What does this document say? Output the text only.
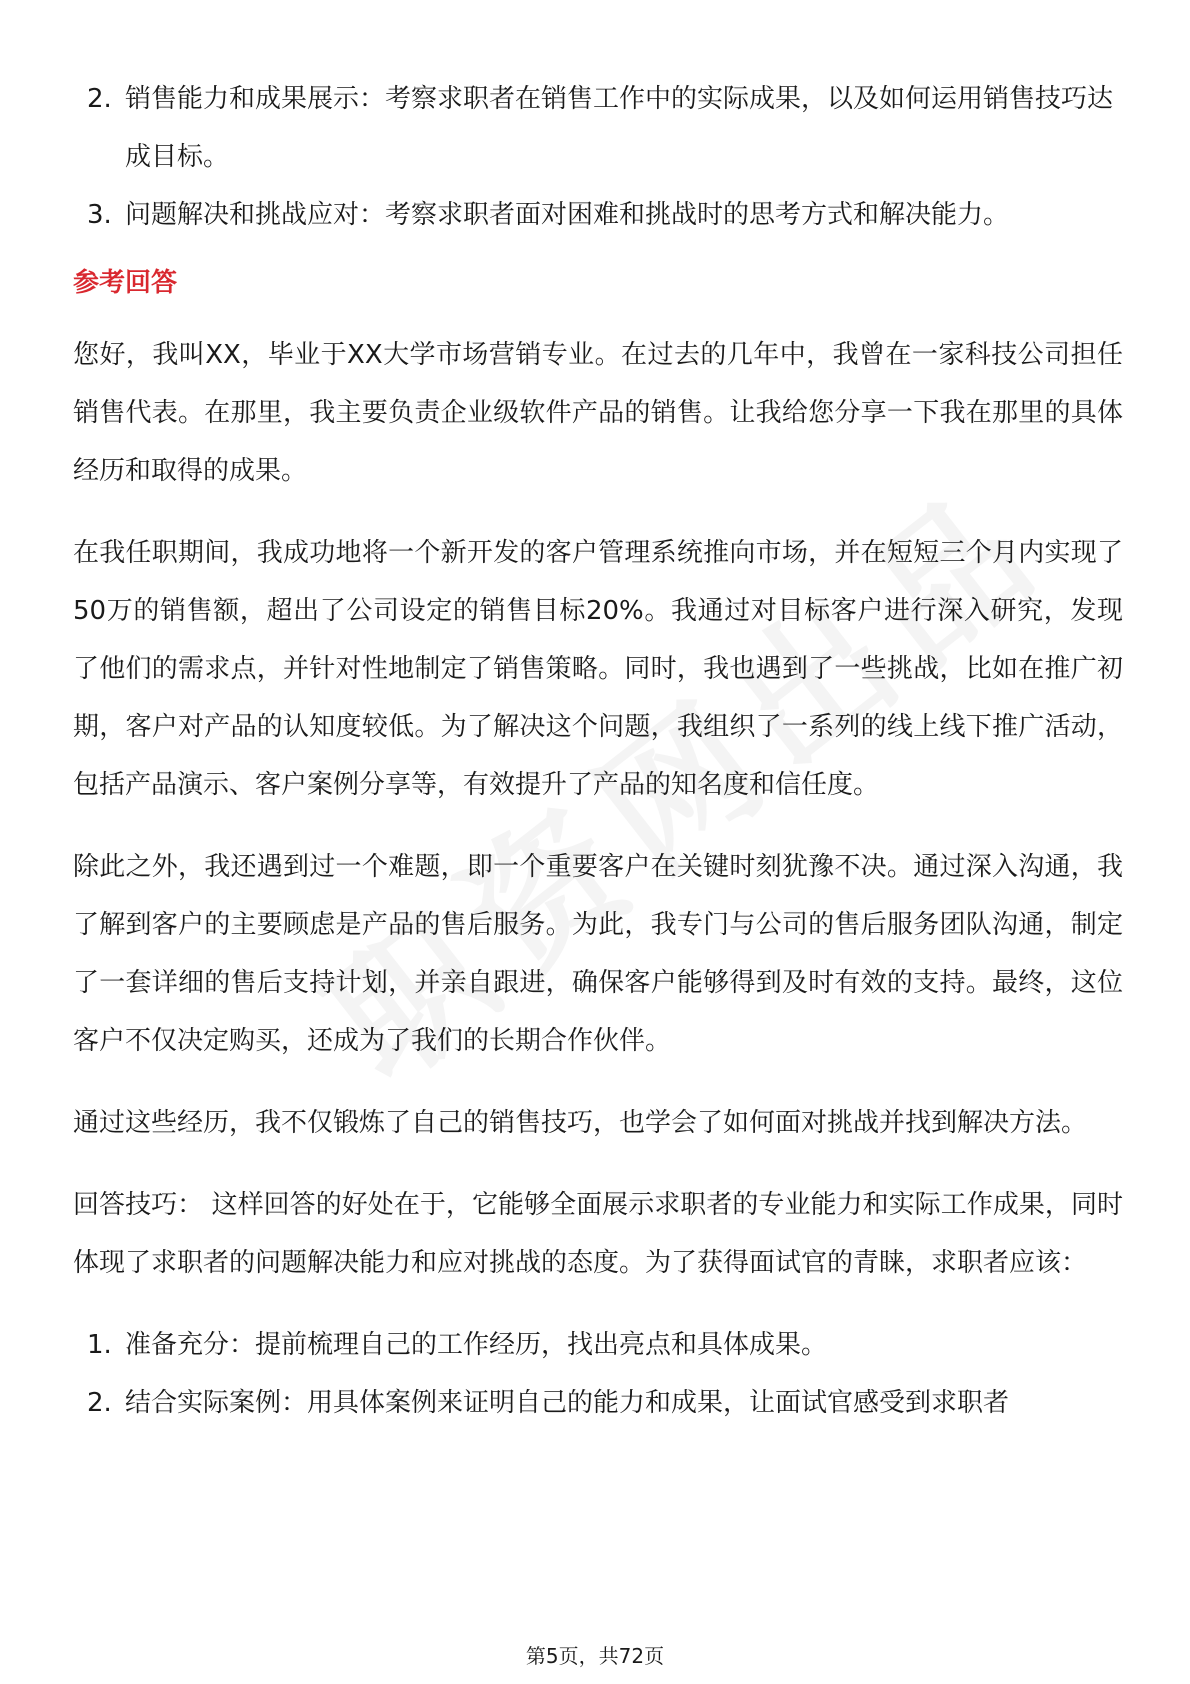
2. 销售能力和成果展示：考察求职者在销售工作中的实际成果，以及如何运用销售技巧达成目标。
3. 问题解决和挑战应对：考察求职者面对困难和挑战时的思考方式和解决能力。
参考回答

您好，我叫XX，毕业于XX大学市场营销专业。在过去的几年中，我曾在一家科技公司担任销售代表。在那里，我主要负责企业级软件产品的销售。让我给您分享一下我在那里的具体经历和取得的成果。

在我任职期间，我成功地将一个新开发的客户管理系统推向市场，并在短短三个月内实现了50万的销售额，超出了公司设定的销售目标20%。我通过对目标客户进行深入研究，发现了他们的需求点，并针对性地制定了销售策略。同时，我也遇到了一些挑战，比如在推广初期，客户对产品的认知度较低。为了解决这个问题，我组织了一系列的线上线下推广活动，包括产品演示、客户案例分享等，有效提升了产品的知名度和信任度。

除此之外，我还遇到过一个难题，即一个重要客户在关键时刻犹豫不决。通过深入沟通，我了解到客户的主要顾虑是产品的售后服务。为此，我专门与公司的售后服务团队沟通，制定了一套详细的售后支持计划，并亲自跟进，确保客户能够得到及时有效的支持。最终，这位客户不仅决定购买，还成为了我们的长期合作伙伴。

通过这些经历，我不仅锻炼了自己的销售技巧，也学会了如何面对挑战并找到解决方法。

回答技巧： 这样回答的好处在于，它能够全面展示求职者的专业能力和实际工作成果，同时体现了求职者的问题解决能力和应对挑战的态度。为了获得面试官的青睐，求职者应该：

1. 准备充分：提前梳理自己的工作经历，找出亮点和具体成果。
2. 结合实际案例：用具体案例来证明自己的能力和成果，让面试官感受到求职者
第5页，共72页
